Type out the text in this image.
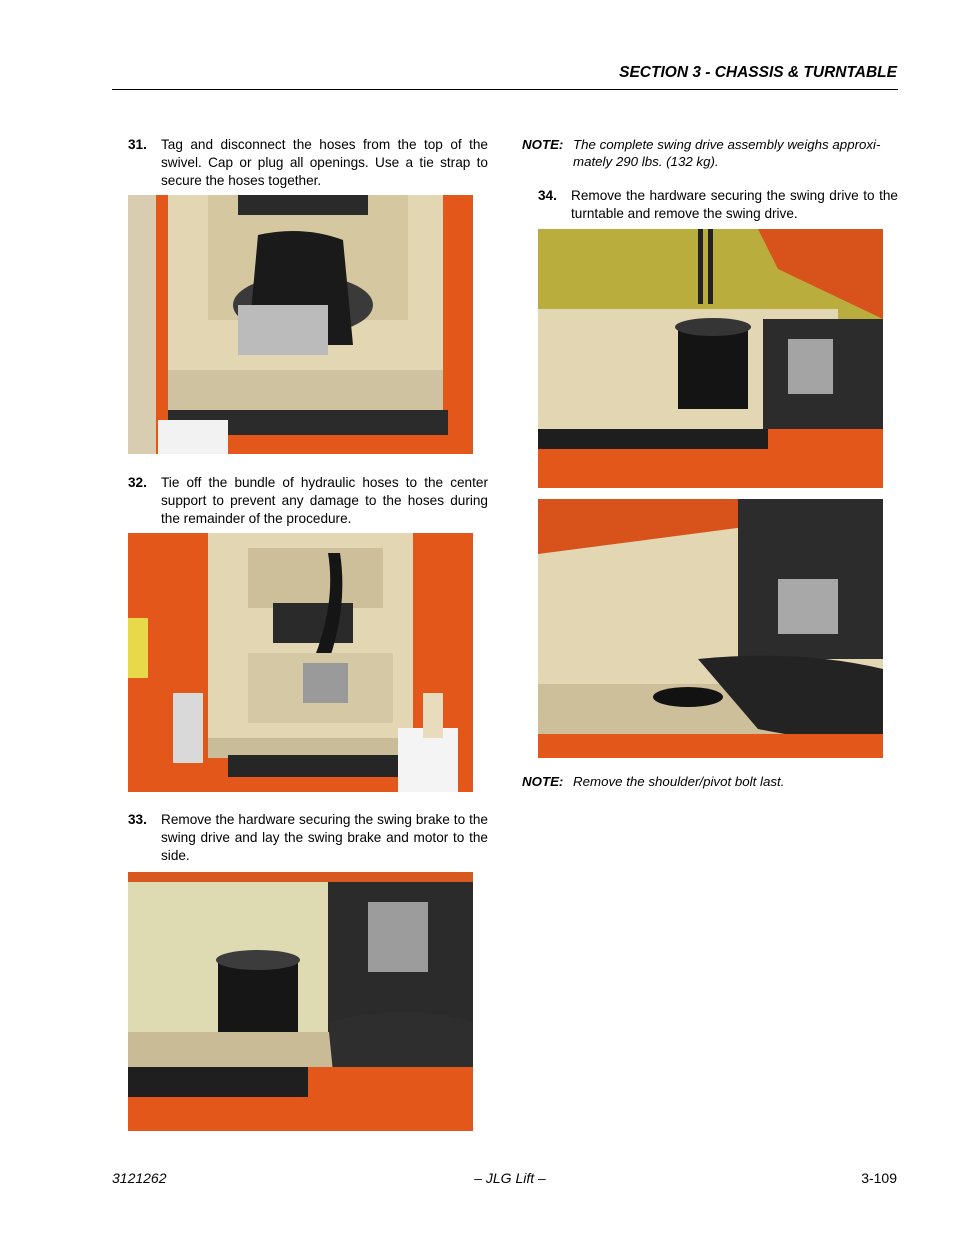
SECTION 3 - CHASSIS & TURNTABLE
31. Tag and disconnect the hoses from the top of the swivel. Cap or plug all openings. Use a tie strap to secure the hoses together.
32. Tie off the bundle of hydraulic hoses to the center support to prevent any damage to the hoses during the remainder of the procedure.
33. Remove the hardware securing the swing brake to the swing drive and lay the swing brake and motor to the side.
NOTE: The complete swing drive assembly weighs approxi-
mately 290 lbs. (132 kg).
34. Remove the hardware securing the swing drive to the turntable and remove the swing drive.
NOTE: Remove the shoulder/pivot bolt last.
3121262	– JLG Lift –	3-109
